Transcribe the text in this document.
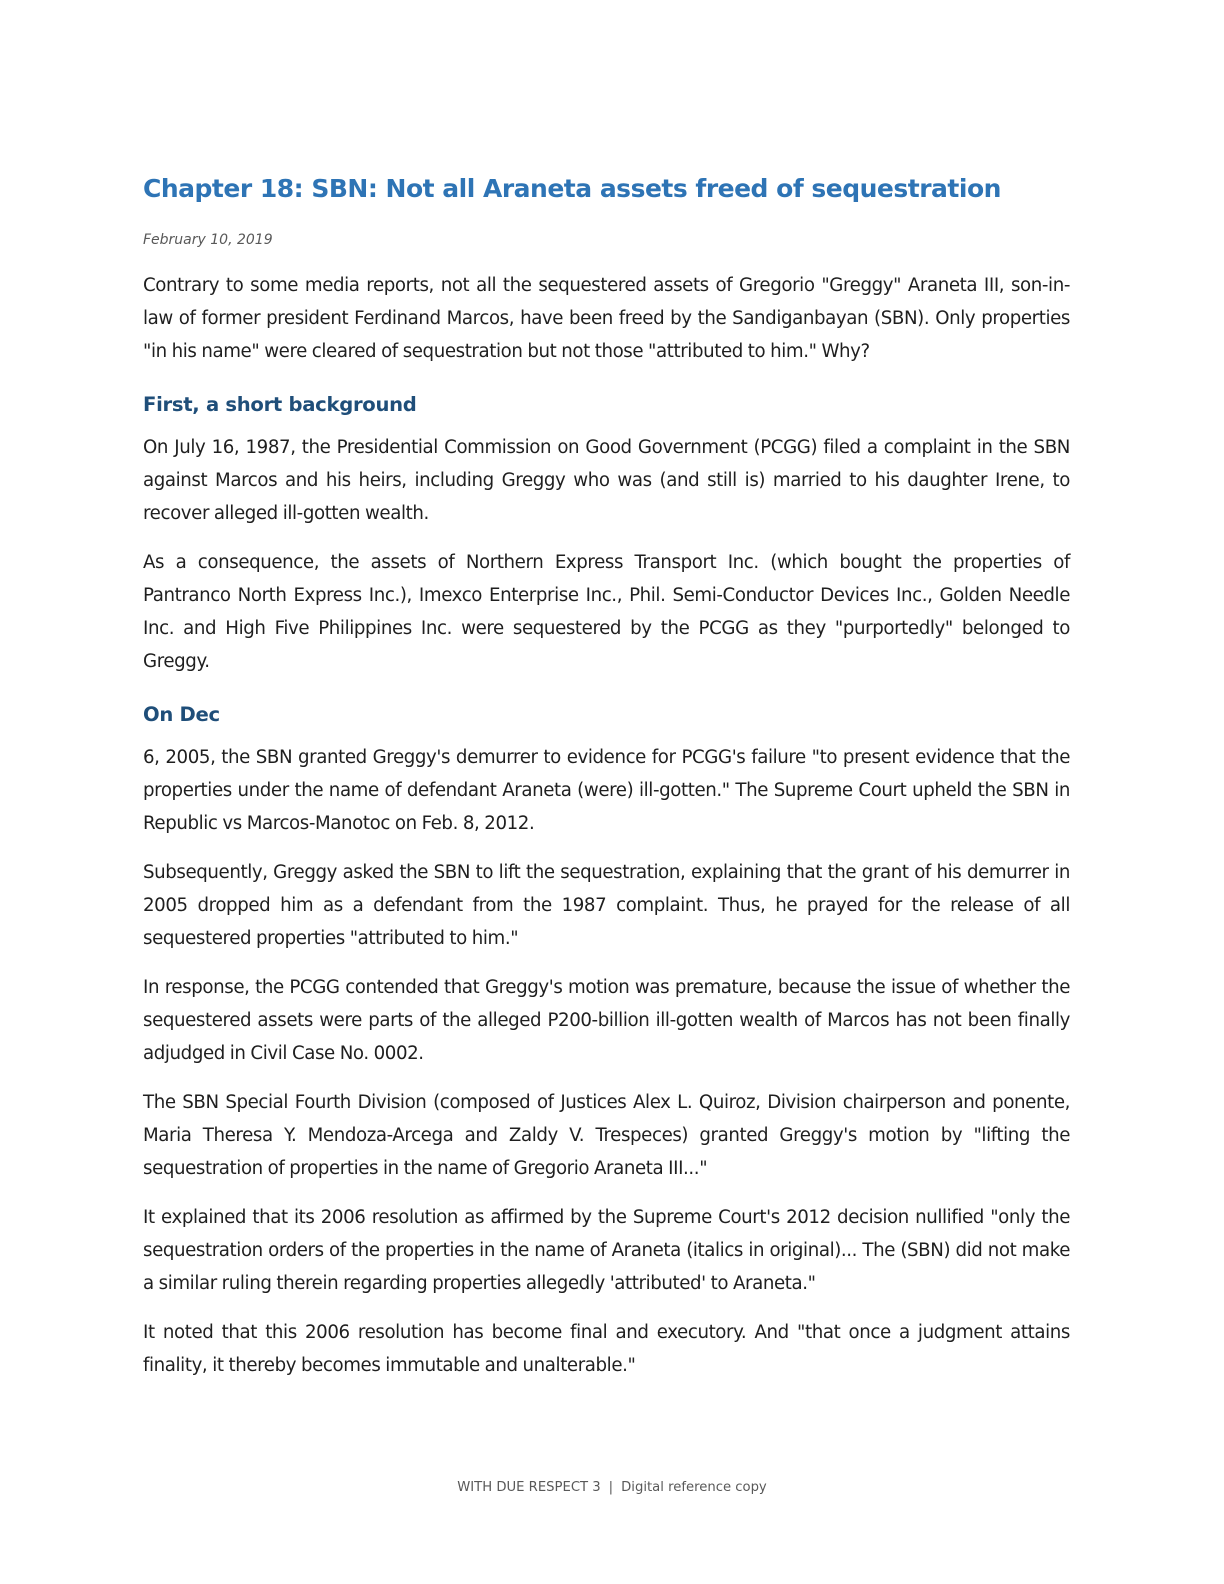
Chapter 18: SBN: Not all Araneta assets freed of sequestration

February 10, 2019

Contrary to some media reports, not all the sequestered assets of Gregorio "Greggy" Araneta III, son-in-law of former president Ferdinand Marcos, have been freed by the Sandiganbayan (SBN). Only properties "in his name" were cleared of sequestration but not those "attributed to him." Why?

First, a short background

On July 16, 1987, the Presidential Commission on Good Government (PCGG) filed a complaint in the SBN against Marcos and his heirs, including Greggy who was (and still is) married to his daughter Irene, to recover alleged ill-gotten wealth.

As a consequence, the assets of Northern Express Transport Inc. (which bought the properties of Pantranco North Express Inc.), Imexco Enterprise Inc., Phil. Semi-Conductor Devices Inc., Golden Needle Inc. and High Five Philippines Inc. were sequestered by the PCGG as they "purportedly" belonged to Greggy.

On Dec

6, 2005, the SBN granted Greggy's demurrer to evidence for PCGG's failure "to present evidence that the properties under the name of defendant Araneta (were) ill-gotten." The Supreme Court upheld the SBN in Republic vs Marcos-Manotoc on Feb. 8, 2012.

Subsequently, Greggy asked the SBN to lift the sequestration, explaining that the grant of his demurrer in 2005 dropped him as a defendant from the 1987 complaint. Thus, he prayed for the release of all sequestered properties "attributed to him."

In response, the PCGG contended that Greggy's motion was premature, because the issue of whether the sequestered assets were parts of the alleged P200-billion ill-gotten wealth of Marcos has not been finally adjudged in Civil Case No. 0002.

The SBN Special Fourth Division (composed of Justices Alex L. Quiroz, Division chairperson and ponente, Maria Theresa Y. Mendoza-Arcega and Zaldy V. Trespeces) granted Greggy's motion by "lifting the sequestration of properties in the name of Gregorio Araneta III..."

It explained that its 2006 resolution as affirmed by the Supreme Court's 2012 decision nullified "only the sequestration orders of the properties in the name of Araneta (italics in original)... The (SBN) did not make a similar ruling therein regarding properties allegedly 'attributed' to Araneta."

It noted that this 2006 resolution has become final and executory. And "that once a judgment attains finality, it thereby becomes immutable and unalterable."

WITH DUE RESPECT 3 | Digital reference copy
